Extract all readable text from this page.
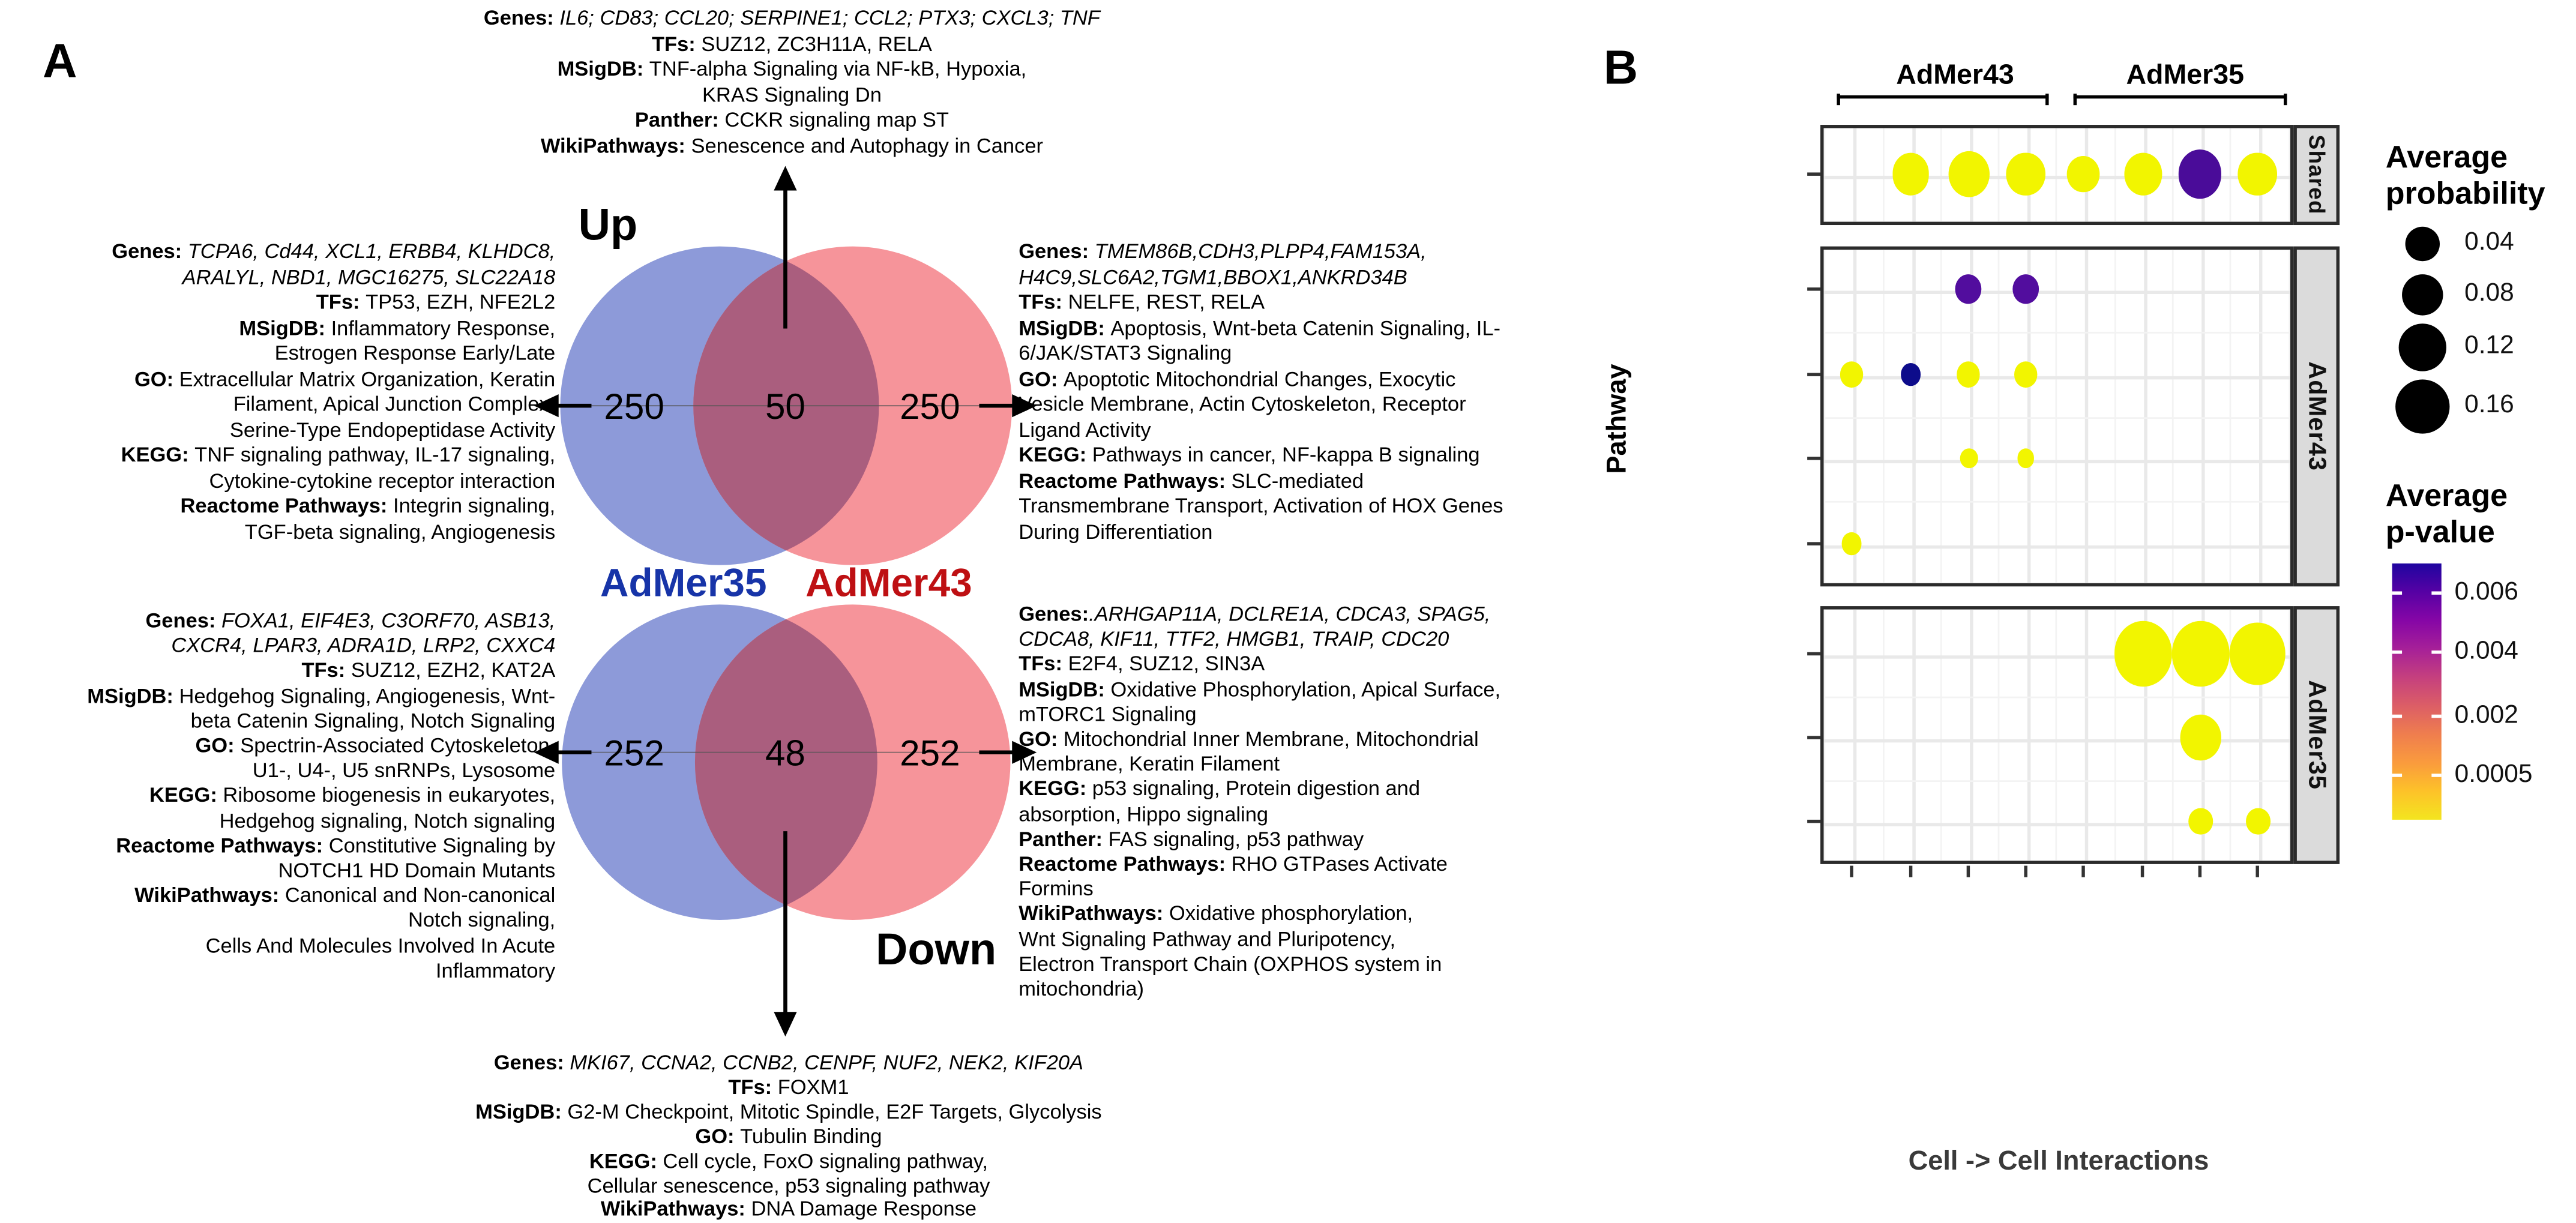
A
250	50	250
252	48	252
AdMer35	AdMer43
Up
Down
Genes: IL6; CD83; CCL20; SERPINE1; CCL2; PTX3; CXCL3; TNF
TFs: SUZ12, ZC3H11A, RELA
MSigDB: TNF-alpha Signaling via NF-kB, Hypoxia,
KRAS Signaling Dn
Panther: CCKR signaling map ST
WikiPathways: Senescence and Autophagy in Cancer
Genes: TCPA6, Cd44, XCL1, ERBB4, KLHDC8,
ARALYL, NBD1, MGC16275, SLC22A18
TFs: TP53, EZH, NFE2L2
MSigDB: Inflammatory Response,
Estrogen Response Early/Late
GO: Extracellular Matrix Organization, Keratin
Filament, Apical Junction Complex,
Serine-Type Endopeptidase Activity
KEGG: TNF signaling pathway, IL-17 signaling,
Cytokine-cytokine receptor interaction
Reactome Pathways: Integrin signaling,
TGF-beta signaling, Angiogenesis
Genes: TMEM86B,CDH3,PLPP4,FAM153A,
H4C9,SLC6A2,TGM1,BBOX1,ANKRD34B
TFs: NELFE, REST, RELA
MSigDB: Apoptosis, Wnt-beta Catenin Signaling, IL-
6/JAK/STAT3 Signaling
GO: Apoptotic Mitochondrial Changes, Exocytic
Vesicle Membrane, Actin Cytoskeleton, Receptor
Ligand Activity
KEGG: Pathways in cancer, NF-kappa B signaling
Reactome Pathways: SLC-mediated
Transmembrane Transport, Activation of HOX Genes
During Differentiation
Genes: FOXA1, EIF4E3, C3ORF70, ASB13,
CXCR4, LPAR3, ADRA1D, LRP2, CXXC4
TFs: SUZ12, EZH2, KAT2A
MSigDB: Hedgehog Signaling, Angiogenesis, Wnt-
beta Catenin Signaling, Notch Signaling
GO: Spectrin-Associated Cytoskeleton,
U1-, U4-, U5 snRNPs, Lysosome
KEGG: Ribosome biogenesis in eukaryotes,
Hedgehog signaling, Notch signaling
Reactome Pathways: Constitutive Signaling by
NOTCH1 HD Domain Mutants
WikiPathways: Canonical and Non-canonical
Notch signaling,
Cells And Molecules Involved In Acute
Inflammatory
Genes:.ARHGAP11A, DCLRE1A, CDCA3, SPAG5,
CDCA8, KIF11, TTF2, HMGB1, TRAIP, CDC20
TFs: E2F4, SUZ12, SIN3A
MSigDB: Oxidative Phosphorylation, Apical Surface,
mTORC1 Signaling
GO: Mitochondrial Inner Membrane, Mitochondrial
Membrane, Keratin Filament
KEGG: p53 signaling, Protein digestion and
absorption, Hippo signaling
Panther: FAS signaling, p53 pathway
Reactome Pathways: RHO GTPases Activate
Formins
WikiPathways: Oxidative phosphorylation,
Wnt Signaling Pathway and Pluripotency,
Electron Transport Chain (OXPHOS system in
mitochondria)
Genes: MKI67, CCNA2, CCNB2, CENPF, NUF2, NEK2, KIF20A
TFs: FOXM1
MSigDB: G2-M Checkpoint, Mitotic Spindle, E2F Targets, Glycolysis
GO: Tubulin Binding
KEGG: Cell cycle, FoxO signaling pathway,
Cellular senescence, p53 signaling pathway
WikiPathways: DNA Damage Response
B	AdMer43	AdMer35
Shared
AdMer43
AdMer35
Pathway
Cell -> Cell Interactions
Average
probability
0.04
0.08
0.12
0.16
Average
p-value
0.006
0.004
0.002
0.0005
